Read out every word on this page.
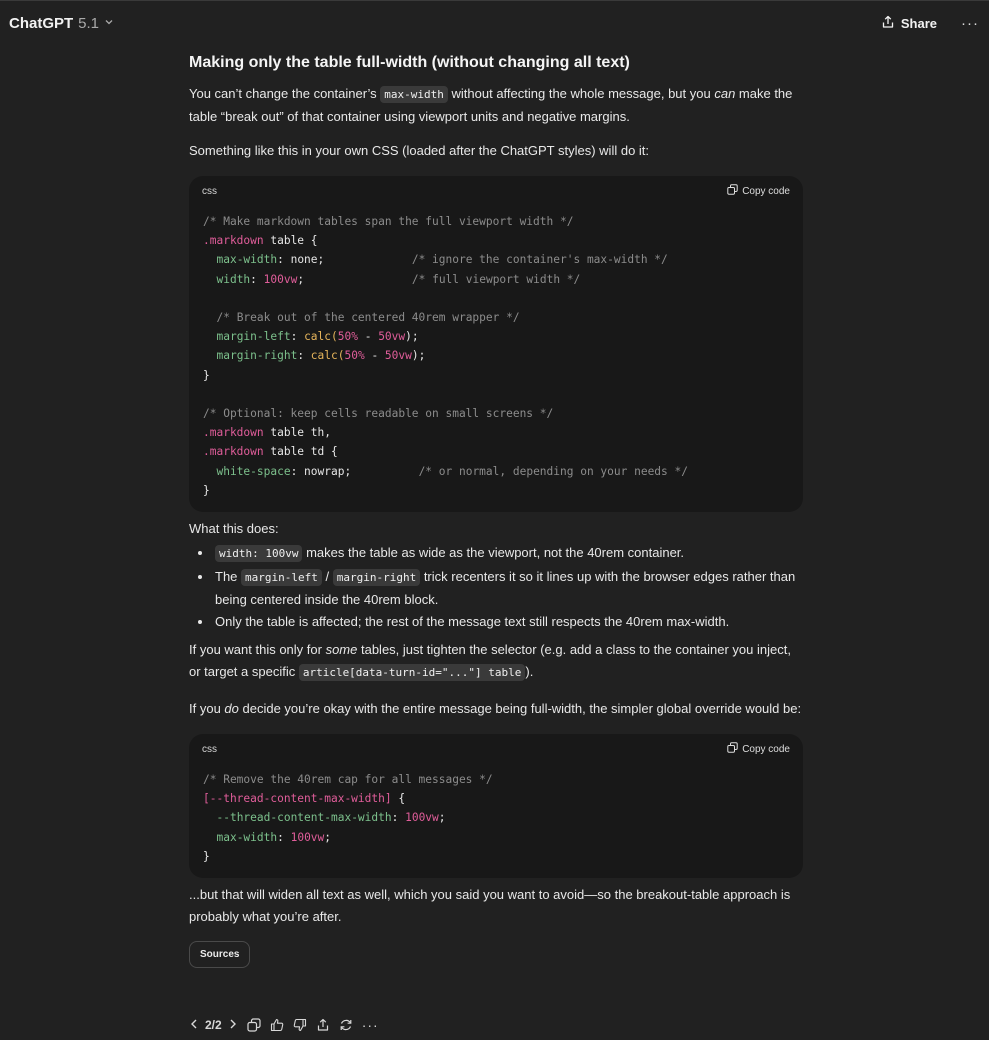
ChatGPT 5.1	Share ···
Making only the table full-width (without changing all text)

You can’t change the container’s max-width without affecting the whole message, but you can make the table “break out” of that container using viewport units and negative margins.

Something like this in your own CSS (loaded after the ChatGPT styles) will do it:

css	Copy code
/* Make markdown tables span the full viewport width */
.markdown table {
max-width: none;	/* ignore the container's max-width */
width: 100vw;	/* full viewport width */

/* Break out of the centered 40rem wrapper */
margin-left: calc(50% - 50vw);
margin-right: calc(50% - 50vw);
}

/* Optional: keep cells readable on small screens */
.markdown table th,
.markdown table td {
white-space: nowrap;	/* or normal, depending on your needs */
}

What this does:

width: 100vw makes the table as wide as the viewport, not the 40rem container.
The margin-left / margin-right trick recenters it so it lines up with the browser edges rather than being centered inside the 40rem block.
Only the table is affected; the rest of the message text still respects the 40rem max-width.

If you want this only for some tables, just tighten the selector (e.g. add a class to the container you inject, or target a specific article[data-turn-id="..."] table ).

If you do decide you’re okay with the entire message being full-width, the simpler global override would be:

css	Copy code
/* Remove the 40rem cap for all messages */
[--thread-content-max-width] {
--thread-content-max-width: 100vw;
max-width: 100vw;
}

...but that will widen all text as well, which you said you want to avoid—so the breakout-table approach is probably what you’re after.

Sources
2/2	···
